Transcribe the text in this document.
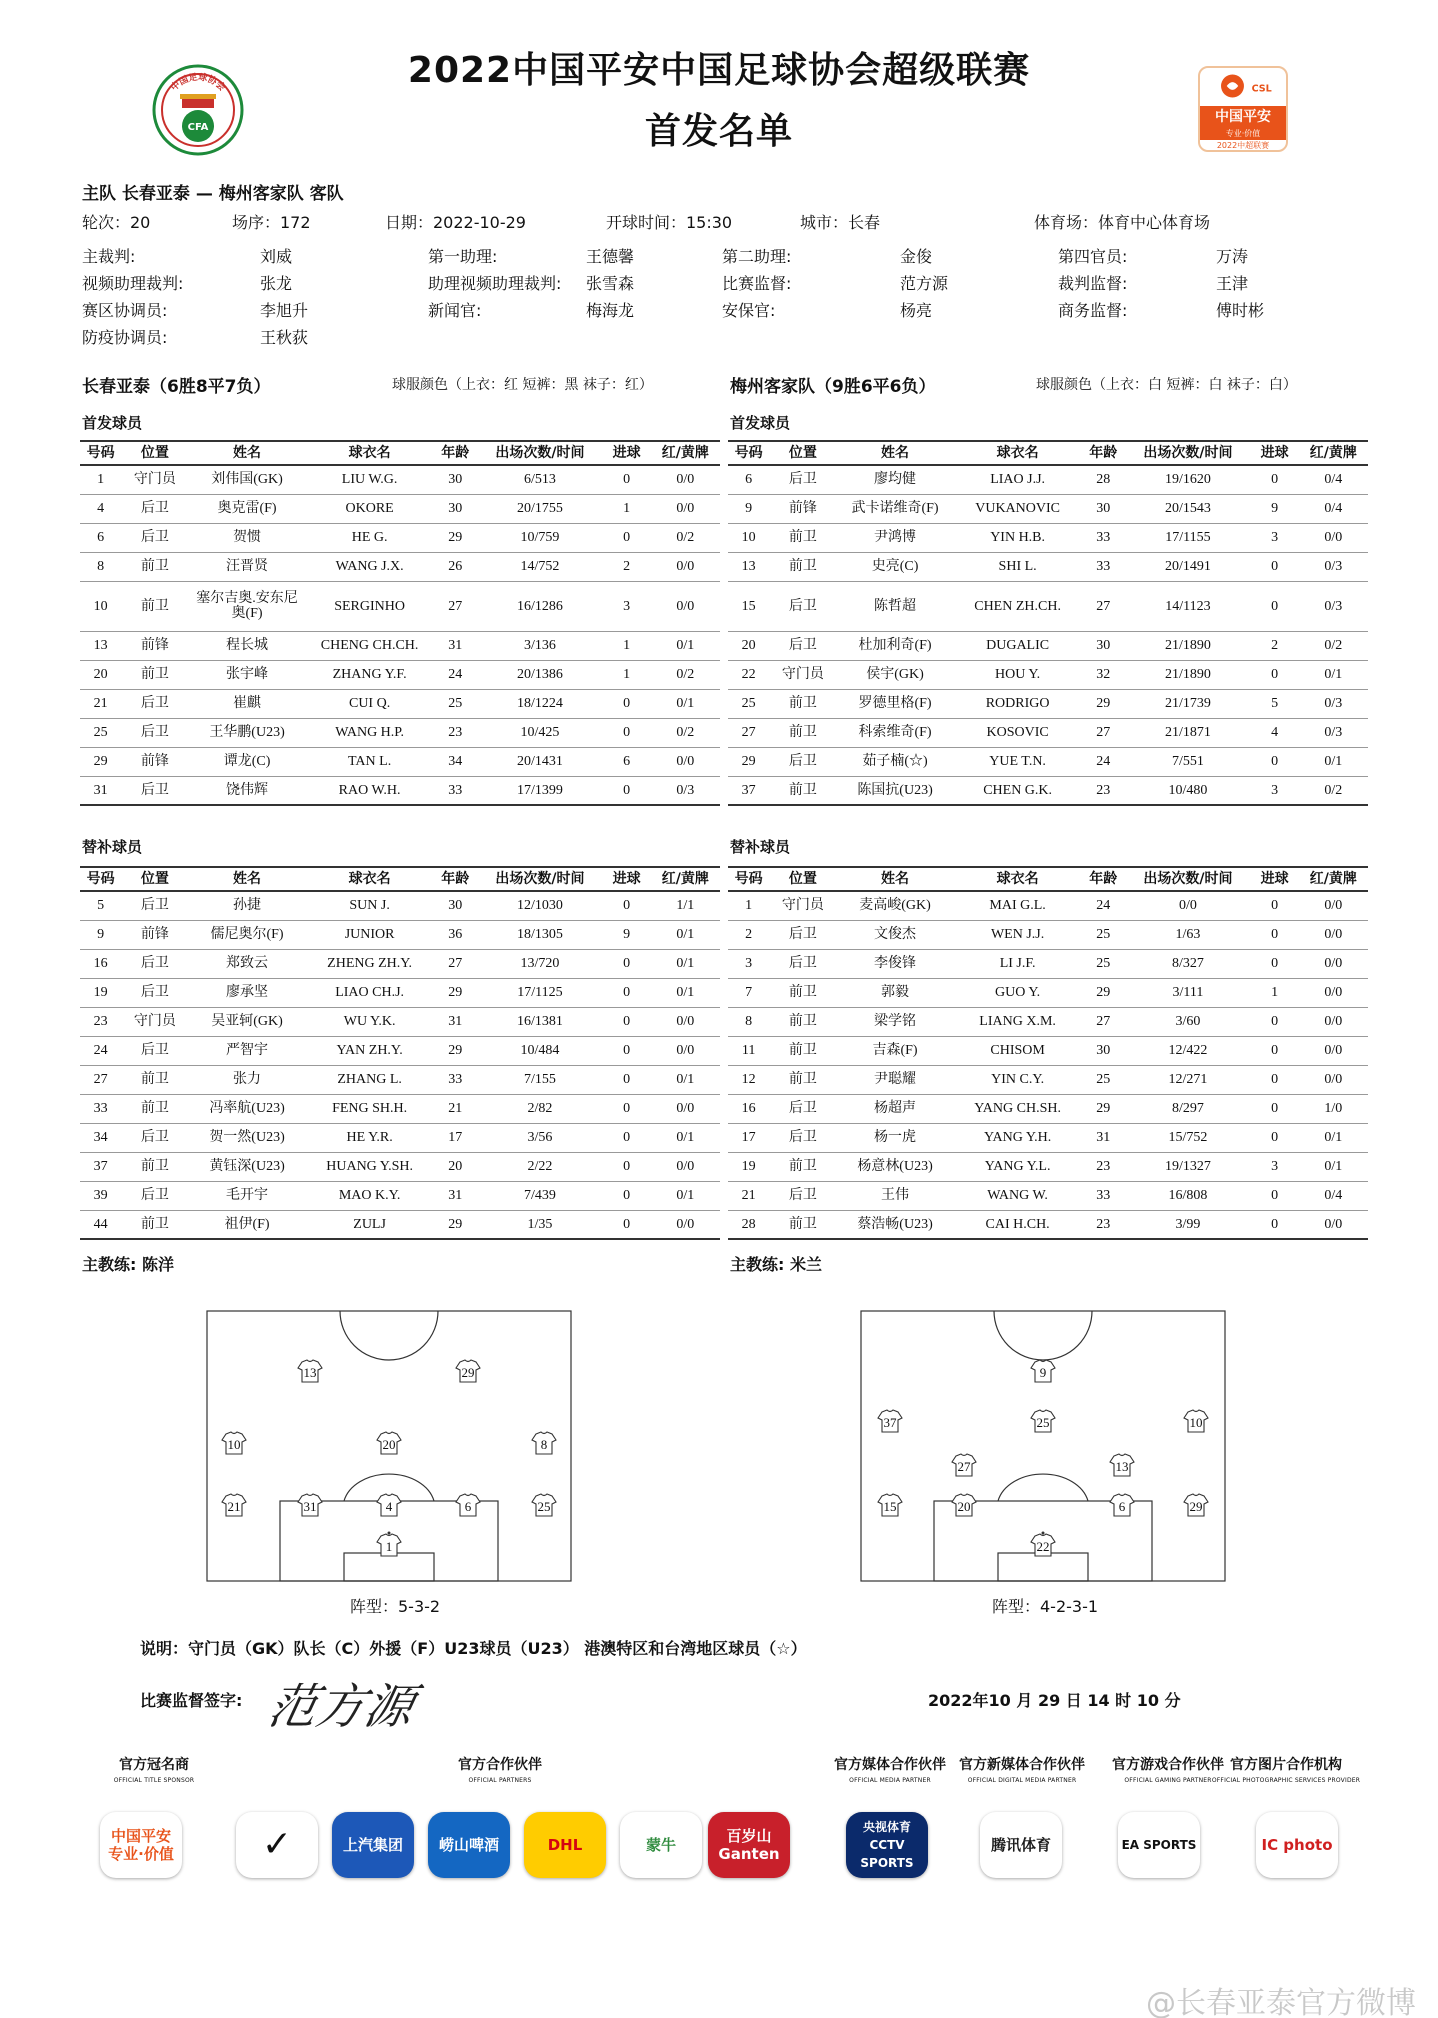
2022中国平安中国足球协会超级联赛
首发名单
中国足球协会
CFA
CSL
中国平安
专业·价值
2022中超联赛
主队 长春亚泰 — 梅州客家队 客队
轮次：20	场序：172	日期：2022-10-29	开球时间：15:30	城市：长春	体育场：体育中心体育场
主裁判:	刘威	第一助理:	王德馨	第二助理:	金俊	第四官员:	万涛
视频助理裁判:	张龙	助理视频助理裁判: 张雪森	比赛监督:	范方源	裁判监督:	王津
赛区协调员:	李旭升	新闻官:	梅海龙	安保官:	杨亮	商务监督:	傅时彬
防疫协调员:	王秋荻
长春亚泰（6胜8平7负）	球服颜色（上衣：红 短裤：黑 袜子：红）	梅州客家队（9胜6平6负）	球服颜色（上衣：白 短裤：白 袜子：白）
首发球员	首发球员
号码	位置	姓名	球衣名	年龄	出场次数/时间	进球	红/黄牌
1	守门员	刘伟国(GK)	LIU W.G.	30	6/513	0	0/0
4	后卫	奥克雷(F)	OKORE	30	20/1755	1	0/0
6	后卫	贺惯	HE G.	29	10/759	0	0/2
8	前卫	汪晋贤	WANG J.X.	26	14/752	2	0/0
10	前卫	塞尔吉奥.安东尼奥(F)	SERGINHO	27	16/1286	3	0/0
13	前锋	程长城	CHENG CH.CH.	31	3/136	1	0/1
20	前卫	张宇峰	ZHANG Y.F.	24	20/1386	1	0/2
21	后卫	崔麒	CUI Q.	25	18/1224	0	0/1
25	后卫	王华鹏(U23)	WANG H.P.	23	10/425	0	0/2
29	前锋	谭龙(C)	TAN L.	34	20/1431	6	0/0
31	后卫	饶伟辉	RAO W.H.	33	17/1399	0	0/3
号码	位置	姓名	球衣名	年龄	出场次数/时间	进球	红/黄牌
6	后卫	廖均健	LIAO J.J.	28	19/1620	0	0/4
9	前锋	武卡诺维奇(F)	VUKANOVIC	30	20/1543	9	0/4
10	前卫	尹鸿博	YIN H.B.	33	17/1155	3	0/0
13	前卫	史亮(C)	SHI L.	33	20/1491	0	0/3
15	后卫	陈哲超	CHEN ZH.CH.	27	14/1123	0	0/3
20	后卫	杜加利奇(F)	DUGALIC	30	21/1890	2	0/2
22	守门员	侯宇(GK)	HOU Y.	32	21/1890	0	0/1
25	前卫	罗德里格(F)	RODRIGO	29	21/1739	5	0/3
27	前卫	科索维奇(F)	KOSOVIC	27	21/1871	4	0/3
29	后卫	茹子楠(☆)	YUE T.N.	24	7/551	0	0/1
37	前卫	陈国抗(U23)	CHEN G.K.	23	10/480	3	0/2
替补球员	替补球员
号码	位置	姓名	球衣名	年龄	出场次数/时间	进球	红/黄牌
5	后卫	孙捷	SUN J.	30	12/1030	0	1/1
9	前锋	儒尼奥尔(F)	JUNIOR	36	18/1305	9	0/1
16	后卫	郑致云	ZHENG ZH.Y.	27	13/720	0	0/1
19	后卫	廖承坚	LIAO CH.J.	29	17/1125	0	0/1
23	守门员	吴亚轲(GK)	WU Y.K.	31	16/1381	0	0/0
24	后卫	严智宇	YAN ZH.Y.	29	10/484	0	0/0
27	前卫	张力	ZHANG L.	33	7/155	0	0/1
33	前卫	冯率航(U23)	FENG SH.H.	21	2/82	0	0/0
34	后卫	贺一然(U23)	HE Y.R.	17	3/56	0	0/1
37	前卫	黄钰深(U23)	HUANG Y.SH.	20	2/22	0	0/0
39	后卫	毛开宇	MAO K.Y.	31	7/439	0	0/1
44	前卫	祖伊(F)	ZULJ	29	1/35	0	0/0
号码	位置	姓名	球衣名	年龄	出场次数/时间	进球	红/黄牌
1	守门员	麦高峻(GK)	MAI G.L.	24	0/0	0	0/0
2	后卫	文俊杰	WEN J.J.	25	1/63	0	0/0
3	后卫	李俊锋	LI J.F.	25	8/327	0	0/0
7	前卫	郭毅	GUO Y.	29	3/111	1	0/0
8	前卫	梁学铭	LIANG X.M.	27	3/60	0	0/0
11	前卫	吉森(F)	CHISOM	30	12/422	0	0/0
12	前卫	尹聪耀	YIN C.Y.	25	12/271	0	0/0
16	后卫	杨超声	YANG CH.SH.	29	8/297	0	1/0
17	后卫	杨一虎	YANG Y.H.	31	15/752	0	0/1
19	前卫	杨意林(U23)	YANG Y.L.	23	19/1327	3	0/1
21	后卫	王伟	WANG W.	33	16/808	0	0/4
28	前卫	蔡浩畅(U23)	CAI H.CH.	23	3/99	0	0/0
主教练: 陈洋	主教练: 米兰
1
21	31	4	6	25
10	20	8
13	29
22
15	20	6	29
27	13
37	25	10
9
阵型：5-3-2	阵型：4-2-3-1
说明：守门员（GK）队长（C）外援（F）U23球员（U23） 港澳特区和台湾地区球员（☆）
比赛监督签字: 范方源	2022年10 月 29 日 14 时 10 分
官方冠名商
OFFICIAL TITLE SPONSOR
官方合作伙伴
OFFICIAL PARTNERS
官方媒体合作伙伴
OFFICIAL MEDIA PARTNER
官方新媒体合作伙伴
OFFICIAL DIGITAL MEDIA PARTNER
官方游戏合作伙伴
OFFICIAL GAMING PARTNER
官方图片合作机构
OFFICIAL PHOTOGRAPHIC SERVICES PROVIDER
中国平安
专业·价值	✓	上汽集团	崂山啤酒	DHL	蒙牛	百岁山
Ganten
央视体育
CCTV SPORTS
腾讯体育	EA SPORTS	IC photo
@长春亚泰官方微博
